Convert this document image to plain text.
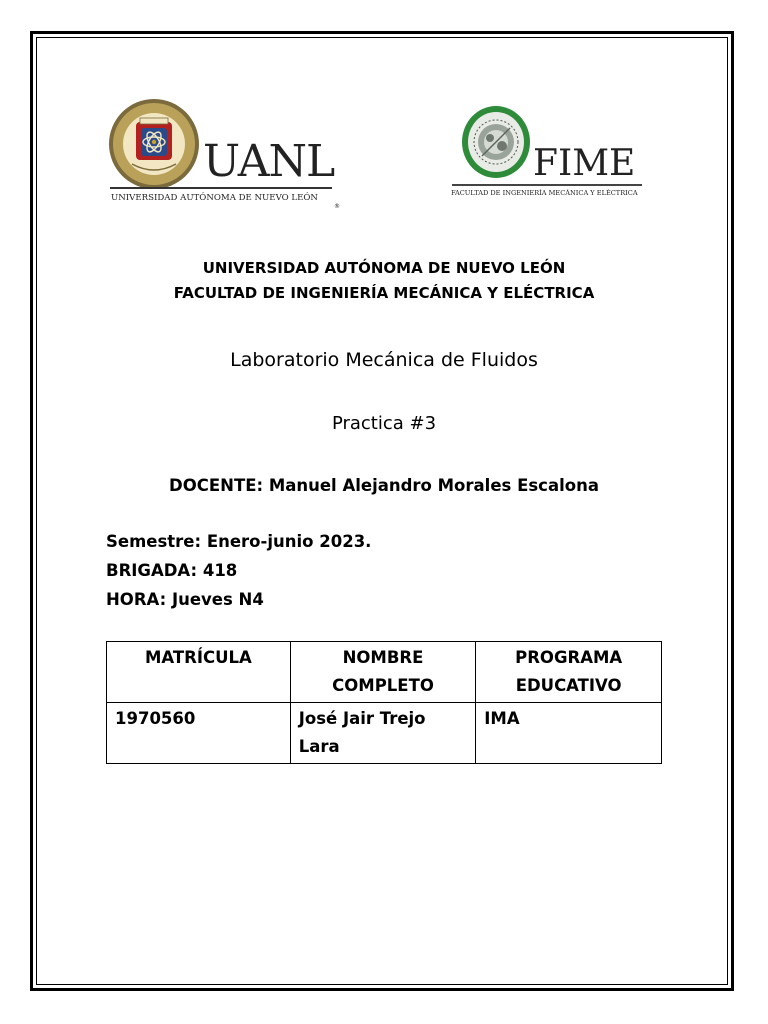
UANL
UNIVERSIDAD AUTÓNOMA DE NUEVO LEÓN
®
FIME
FACULTAD DE INGENIERÍA MECÁNICA Y ELÉCTRICA
UNIVERSIDAD AUTÓNOMA DE NUEVO LEÓN
FACULTAD DE INGENIERÍA MECÁNICA Y ELÉCTRICA
Laboratorio Mecánica de Fluidos
Practica #3
DOCENTE: Manuel Alejandro Morales Escalona
Semestre: Enero-junio 2023.
BRIGADA: 418
HORA: Jueves N4
MATRÍCULA	NOMBRE COMPLETO	PROGRAMA EDUCATIVO
1970560	José Jair Trejo Lara	IMA
